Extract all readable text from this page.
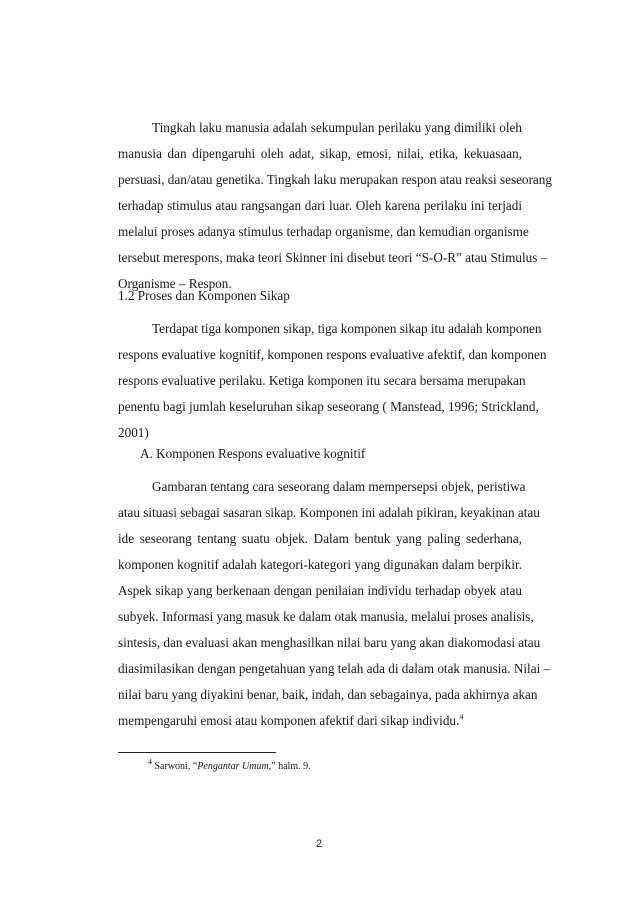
Tingkah laku manusia adalah sekumpulan perilaku yang dimiliki oleh
manusia dan dipengaruhi oleh adat, sikap, emosi, nilai, etika, kekuasaan,
persuasi, dan/atau genetika. Tingkah laku merupakan respon atau reaksi seseorang
terhadap stimulus atau rangsangan dari luar. Oleh karena perilaku ini terjadi
melalui proses adanya stimulus terhadap organisme, dan kemudian organisme
tersebut merespons, maka teori Skinner ini disebut teori “S-O-R” atau Stimulus –
Organisme – Respon.
1.2 Proses dan Komponen Sikap
Terdapat tiga komponen sikap, tiga komponen sikap itu adalah komponen
respons evaluative kognitif, komponen respons evaluative afektif, dan komponen
respons evaluative perilaku. Ketiga komponen itu secara bersama merupakan
penentu bagi jumlah keseluruhan sikap seseorang ( Manstead, 1996; Strickland,
2001)
A. Komponen Respons evaluative kognitif
Gambaran tentang cara seseorang dalam mempersepsi objek, peristiwa
atau situasi sebagai sasaran sikap. Komponen ini adalah pikiran, keyakinan atau
ide seseorang tentang suatu objek. Dalam bentuk yang paling sederhana,
komponen kognitif adalah kategori-kategori yang digunakan dalam berpikir.
Aspek sikap yang berkenaan dengan penilaian individu terhadap obyek atau
subyek. Informasi yang masuk ke dalam otak manusia, melalui proses analisis,
sintesis, dan evaluasi akan menghasilkan nilai baru yang akan diakomodasi atau
diasimilasikan dengan pengetahuan yang telah ada di dalam otak manusia. Nilai –
nilai baru yang diyakini benar, baik, indah, dan sebagainya, pada akhirnya akan
mempengaruhi emosi atau komponen afektif dari sikap individu.$^4$
$^4$ Sarwoni, “Pengantar Umum,” halm. 9.
2
